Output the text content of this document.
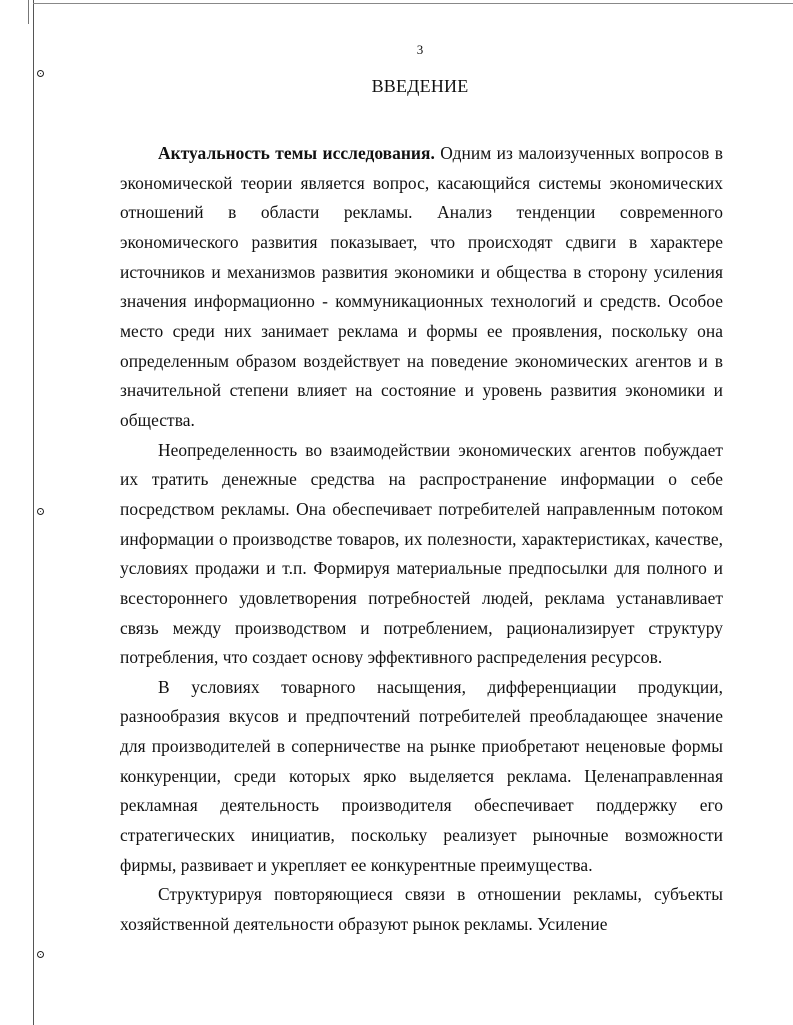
3
ВВЕДЕНИЕ

Актуальность темы исследования. Одним из малоизученных вопросов в экономической теории является вопрос, касающийся системы экономических отношений в области рекламы. Анализ тенденции современного экономического развития показывает, что происходят сдвиги в характере источников и механизмов развития экономики и общества в сторону усиления значения информационно - коммуникационных технологий и средств. Особое место среди них занимает реклама и формы ее проявления, поскольку она определенным образом воздействует на поведение экономических агентов и в значительной степени влияет на состояние и уровень развития экономики и общества.

Неопределенность во взаимодействии экономических агентов побуждает их тратить денежные средства на распространение информации о себе посредством рекламы. Она обеспечивает потребителей направленным потоком информации о производстве товаров, их полезности, характеристиках, качестве, условиях продажи и т.п. Формируя материальные предпосылки для полного и всестороннего удовлетворения потребностей людей, реклама устанавливает связь между производством и потреблением, рационализирует структуру потребления, что создает основу эффективного распределения ресурсов.

В условиях товарного насыщения, дифференциации продукции, разнообразия вкусов и предпочтений потребителей преобладающее значение для производителей в соперничестве на рынке приобретают неценовые формы конкуренции, среди которых ярко выделяется реклама. Целенаправленная рекламная деятельность производителя обеспечивает поддержку его стратегических инициатив, поскольку реализует рыночные возможности фирмы, развивает и укрепляет ее конкурентные преимущества.

Структурируя повторяющиеся связи в отношении рекламы, субъекты хозяйственной деятельности образуют рынок рекламы. Усиление
